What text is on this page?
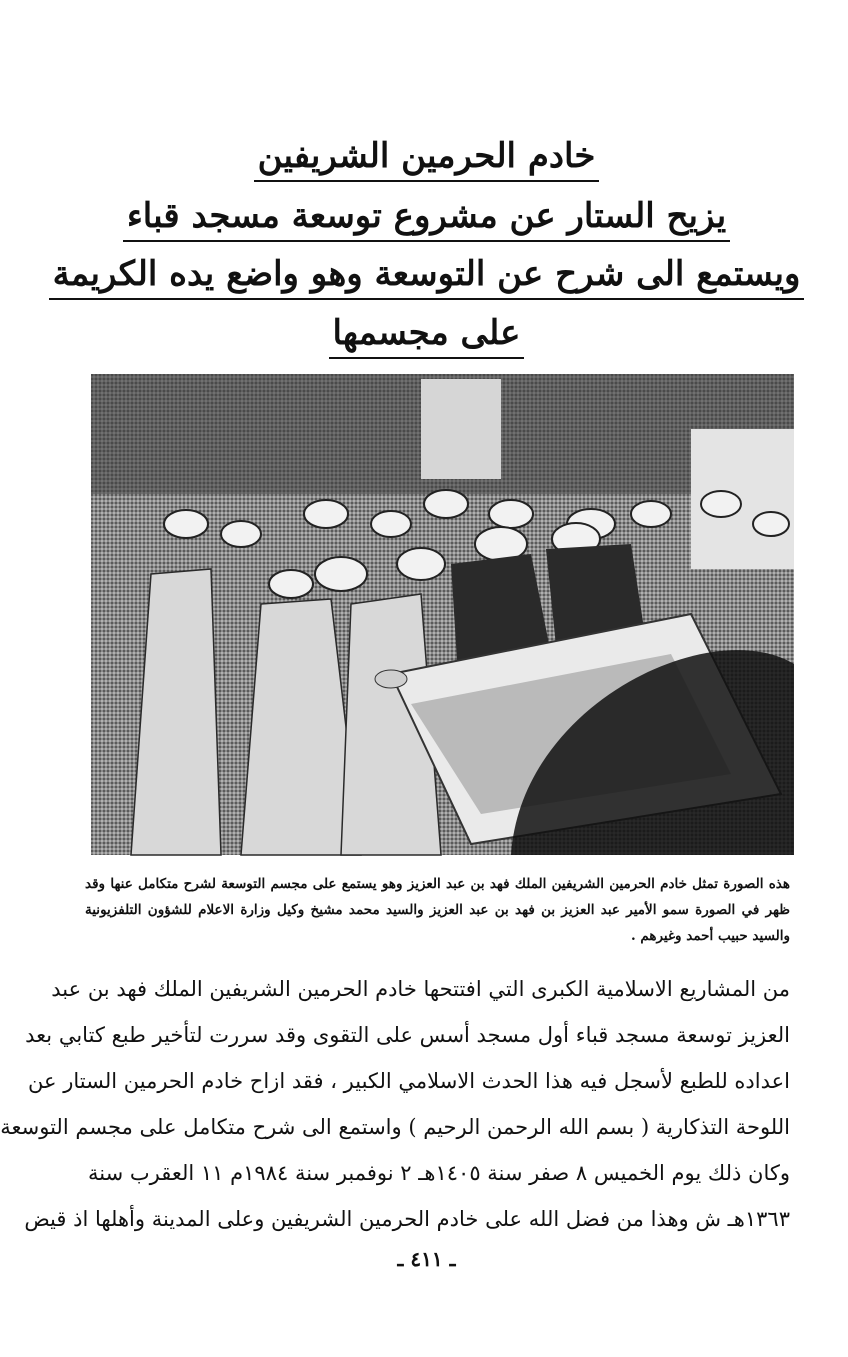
خادم الحرمين الشريفين
يزيح الستار عن مشروع توسعة مسجد قباء
ويستمع الى شرح عن التوسعة وهو واضع يده الكريمة
على مجسمها
هذه الصورة تمثل خادم الحرمين الشريفين الملك فهد بن عبد العزيز وهو يستمع على مجسم التوسعة لشرح متكامل عنها وقد ظهر في الصورة سمو الأمير عبد العزيز بن فهد بن عبد العزيز والسيد محمد مشيخ وكيل وزارة الاعلام للشؤون التلفزيونية والسيد حبيب أحمد وغيرهم .

من المشاريع الاسلامية الكبرى التي افتتحها خادم الحرمين الشريفين الملك فهد بن عبد

العزيز توسعة مسجد قباء أول مسجد أسس على التقوى وقد سررت لتأخير طبع كتابي بعد

اعداده للطبع لأسجل فيه هذا الحدث الاسلامي الكبير ، فقد ازاح خادم الحرمين الستار عن

اللوحة التذكارية ( بسم الله الرحمن الرحيم ) واستمع الى شرح متكامل على مجسم التوسعة

وكان ذلك يوم الخميس ٨ صفر سنة ١٤٠٥هـ ٢ نوفمبر سنة ١٩٨٤م ١١ العقرب سنة

١٣٦٣هـ ش وهذا من فضل الله على خادم الحرمين الشريفين وعلى المدينة وأهلها اذ قيض

ـ ٤١١ ـ
